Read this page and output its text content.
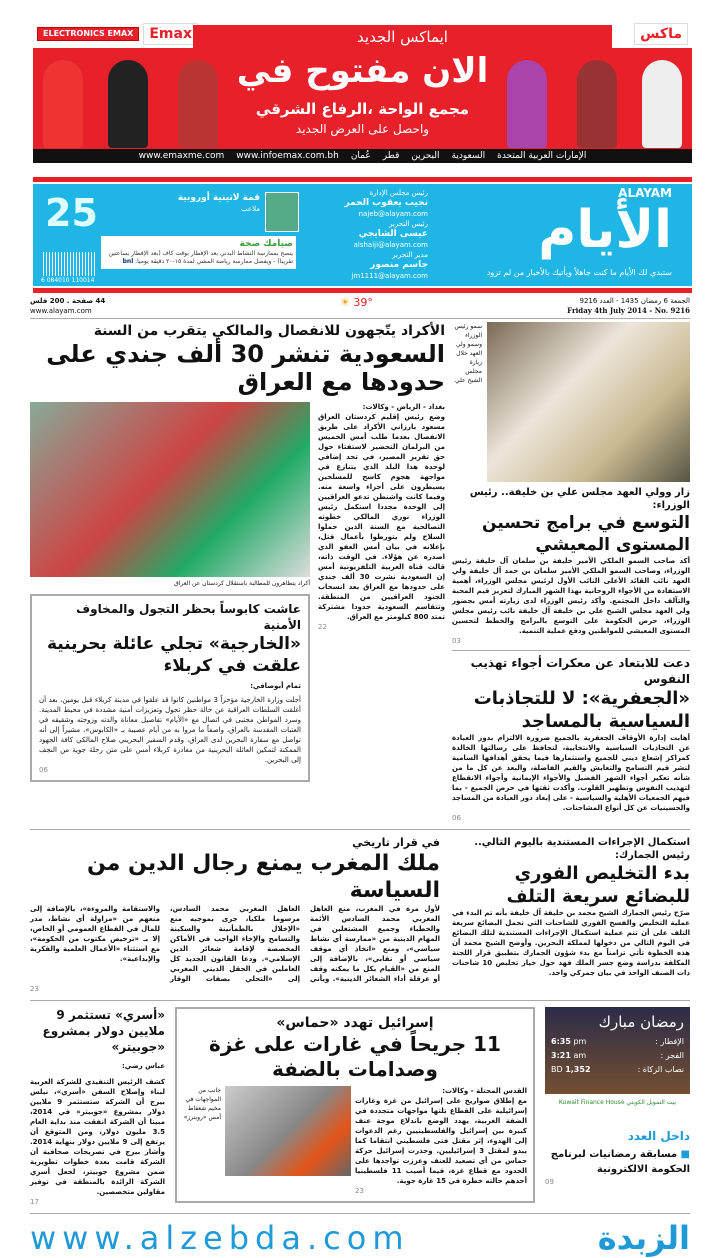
ELECTRONICS EMAX	Emax	ماكس
ايماكس الجديد
الان مفتوح في
مجمع الواحة ،الرفاع الشرقي
واحصل على العرض الجديد
الإمارات العربية المتحدة
السعودية
البحرين
قطر
عُمان
www.infoemax.com.bh
www.emaxme.com
ALAYAM
الأيام
ستبدي لك الأيام ما كنت جاهلاً ويأتيك بالأخبار من لم تزود
رئيس مجلس الإدارة
نجيب يعقوب الحمر
najeb@alayam.com
رئيس التحرير
عيسى الشايجي
alshaiji@alayam.com
مدير التحرير
جاسم منصور
jm1111@alayam.com
قمة لاتينية أوروبية
ملاعب
صيامك صحة
ينصح بممارسة النشاط البدني بعد الإفطار بوقت كاف (بعد الإفطار بساعتين تقريبا) - ويفضل ممارسة رياضة المشي لمدة ١٥-٢٠ دقيقة يوميا. bnl
25
6 084010 110014
الجمعة 6 رمضان 1435 - العدد 9216
Friday 4th July 2014 - No. 9216
☀ 39°
44 صفحة . 200 فلس
www.alayam.com
الأكراد يتّجهون للانفصال والمالكي يتقرب من السنة
السعودية تنشر 30 ألف جندي على حدودها مع العراق
أكراد يتظاهرون للمطالبة باستقلال كردستان عن العراق
عاشت كابوساً بحظر التجول والمخاوف الأمنية
«الخارجية» تجلي عائلة بحرينية علقت في كربلاء
تمام أبوصافي:
أجلت وزارة الخارجية مؤخراً 3 مواطنين كانوا قد علقوا في مدينة كربلاء قبل يومين، بعد أن أغلقت السلطات العراقية عن حالة حظر تجول وتعزيزات أمنية مشددة في محيط المدينة. وسرد المواطن مجتبى في اتصال مع «الأيام» تفاصيل معاناة والدته وزوجته وشقيقه في العتبات المقدسة بالعراق، واصفاً ما مروا به من أيام عصيبة بـ «الكابوس»، مشيراً إلى أنه تواصل مع سفارة البحرين لدى العراق، وقدم السفير البحريني صلاح المالكي كافة الجهود الممكنة لتمكين العائلة البحرينية من مغادرة كربلاء أمس على متن رحلة جوية من النجف إلى البحرين.
06
بغداد - الرياض - وكالات:
وضع رئيس إقليم كردستان العراق مسعود بارزاني الأكراد على طريق الانفصال بعدما طلب أمس الخميس من البرلمان التحضير لاستفتاء حول حق تقرير المصير، في تحد إضافي لوحدة هذا البلد الذي يتنازع في مواجهة هجوم كاسح للمسلحين يسيطرون على أجزاء واسعة منه. وفيما كانت واشنطن تدعو العراقيين إلى الوحدة مجددا استكمل رئيس الوزراء نوري المالكي خطوته التصالحية مع السنة الذين حملوا السلاح ولم يتورطوا بأعمال قتل، بإعلانه في بيان أمس العفو الذي اصدره عن هؤلاء. في الوقت ذاته، قالت قناة العربية التلفزيونية أمس إن السعودية نشرت 30 ألف جندي على حدودها مع العراق بعد انسحاب الجنود العراقيين من المنطقة. وتتقاسم السعودية حدودا مشتركة تمتد 800 كيلومتر مع العراق.
22
سمو رئيس الوزراء وسمو ولي العهد خلال زيارة مجلس الشيخ علي
زار وولي العهد مجلس علي بن خليفة.. رئيس الوزراء:
التوسع في برامج تحسين المستوى المعيشي
أكد صاحب السمو الملكي الأمير خليفة بن سلمان آل خليفة رئيس الوزراء، وصاحب السمو الملكي الأمير سلمان بن حمد آل خليفة ولي العهد نائب القائد الأعلى النائب الأول لرئيس مجلس الوزراء، أهمية الاستفادة من الأجواء الروحانية بهذا الشهر المبارك لتعزيز قيم المحبة والتآلف داخل المجتمع. وأكد رئيس الوزراء لدى زيارته أمس بحضور ولي العهد مجلس الشيخ علي بن خليفة آل خليفة نائب رئيس مجلس الوزراء، حرص الحكومة على التوسع بالبرامج والخطط لتحسين المستوى المعيشي للمواطنين ودفع عملية التنمية.
03
دعت للابتعاد عن معكرات أجواء تهذيب النفوس
«الجعفرية»: لا للتجاذبات السياسية بالمساجد
أهابت إدارة الأوقاف الجعفرية بالجميع ضرورة الالتزام بدور العبادة عن التجاذبات السياسية والانتخابية، لتحافظ على رسالتها الخالدة كمراكز إشعاع ديني للجميع واستثمارها فيما يحقق أهدافها السامية لنشر قيم التسامح والتعايش والقيم الفاضلة، والبعد عن كل ما من شأنه تعكير أجواء الشهر الفضيل والأجواء الإيمانية وأجواء الانقطاع لتهذيب النفوس وتطهير القلوب. وأكدت ثقتها في حرص الجميع - بما فيهم الجمعيات الأهلية والسياسية - على إبعاد دور العبادة من المساجد والحسينيات عن كل أنواع المشاحنات.
06
في قرار تاريخي
ملك المغرب يمنع رجال الدين من السياسة
لأول مرة في المغرب، منع العاهل المغربي محمد السادس الأئمة والخطباء وجميع المشتغلين في المهام الدينية من «ممارسة أي نشاط سياسي»، ومنع «اتخاذ أي موقف سياسي أو نقابي»، بالإضافة إلى المنع من «القيام بكل ما يمكنه وقف أو عرقلة أداء الشعائر الدينية». ويأتي العاهل المغربي محمد السادس، مرسوما ملكيا، جرى بموجبه منع «الإخلال بالطمأنينة والسكينة والتسامح والإخاء الواجب في الأماكن المخصصة لإقامة شعائر الدين الإسلامي». ودعا القانون الجديد كل العاملين في الحقل الديني المغربي إلى «التحلي بصفات الوقار والاستقامة والمروءة»، بالإضافة إلى منعهم من «مزاولة أي نشاط، مدر للمال في القطاع العمومي أو الخاص، إلا بـ «ترخيص مكتوب من الحكومة»، مع استثناء «الأعمال العلمية والفكرية والإبداعية».
23
استكمال الإجراءات المستندية باليوم التالي.. رئيس الجمارك:
بدء التخليص الفوري للبضائع سريعة التلف
صرّح رئيس الجمارك الشيخ محمد بن خليفة آل خليفة بأنه تم البدء في عملية التخليص والفسح الفوري للشاحنات التي تحمل البضائع سريعة التلف على أن تتم عملية استكمال الإجراءات المستندية لتلك البضائع في اليوم التالي من دخولها لمملكة البحرين. وأوضح الشيخ محمد أن هذه الخطوة تأتي تزامناً مع بدء شؤون الجمارك بتطبيق قرار اللجنة المكلفة بدراسة وضع جسر الملك فهد حول خيار تخليص 10 شاحنات ذات الصنف الواحد في بيان جمركي واحد.
«أسري» تستثمر 9 ملايين دولار بمشروع «جوبيتر»
عباس رضي:
كشف الرئيس التنفيذي للشركة العربية لبناء وإصلاح السفن «أسري»، نيلس بيرج أن الشركة ستستثمر 9 ملايين دولار بمشروع «جوبيتر» في 2014، مبينا أن الشركة انفقت منذ بداية العام 3.5 مليون دولار، ومن المتوقع أن يرتفع إلى 9 ملايين دولار بنهاية 2014. وأشار بيرج في تصريحات صحافية أن الشركة قامت بعدة خطوات تطويرية ضمن مشروع جوبيتر، لجعل أسري الشركة الرائدة بالمنطقة في توفير مقاولين متخصصين.
17
إسرائيل تهدد «حماس»
11 جريحاً في غارات على غزة وصدامات بالضفة
جانب من المواجهات في مخيم شعفاط أمس «رويترز»
القدس المحتلة - وكالات:
مع إطلاق صواريخ على إسرائيل من غزة وغارات إسرائيلية على القطاع تلتها مواجهات متجددة في الضفة الغربية، يهدد الوضع باندلاع موجة عنف كبيرة بين إسرائيل والفلسطينيين رغم الدعوات إلى الهدوء، إثر مقتل فتى فلسطيني انتقاما كما يبدو لمقتل 3 إسرائيليين. وحذرت إسرائيل حركة حماس من أي تصعيد للعنف وعززت تواجدها على الحدود مع قطاع غزة، فيما أصيب 11 فلسطينيا أحدهم حالته خطرة في 15 غارة جوية.
23
رمضان مبارك
الإفطار :
6:35 pm
الفجر :
3:21 am
نصاب الزكاة :
BD 1,352
بيت التمويل الكويتي Kuwait Finance House
داخل العدد
■ مسابقة رمضانيات لبرنامج الحكومة الالكترونية
09
www.alzebda.com	الزبدة
